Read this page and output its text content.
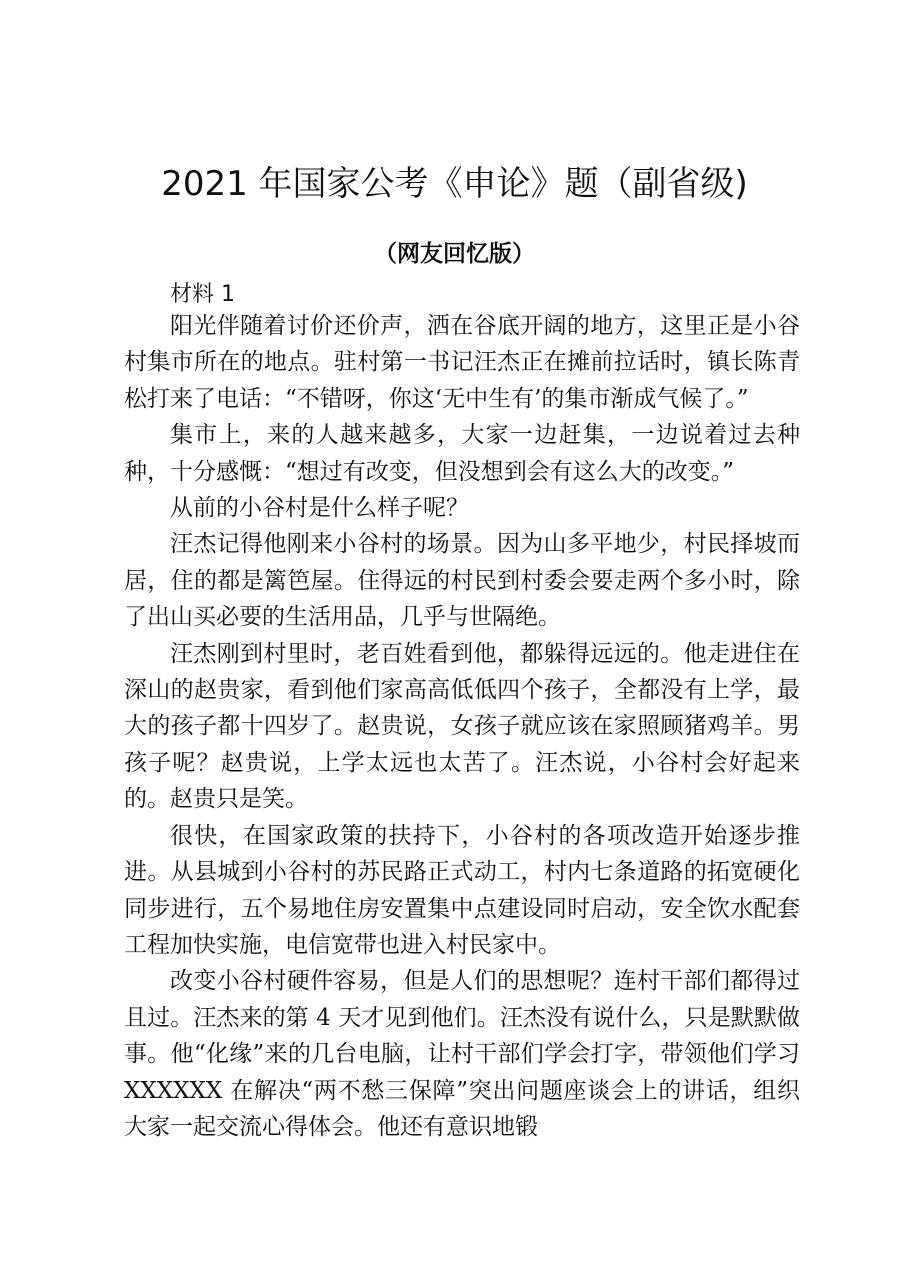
2021 年国家公考《申论》题（副省级)
（网友回忆版）
材料 1

阳光伴随着讨价还价声，洒在谷底开阔的地方，这里正是小谷村集市所在的地点。驻村第一书记汪杰正在摊前拉话时，镇长陈青松打来了电话：“不错呀，你这‘无中生有’的集市渐成气候了。”

集市上，来的人越来越多，大家一边赶集，一边说着过去种种，十分感慨：“想过有改变，但没想到会有这么大的改变。”

从前的小谷村是什么样子呢？

汪杰记得他刚来小谷村的场景。因为山多平地少，村民择坡而居，住的都是篱笆屋。住得远的村民到村委会要走两个多小时，除了出山买必要的生活用品，几乎与世隔绝。

汪杰刚到村里时，老百姓看到他，都躲得远远的。他走进住在深山的赵贵家，看到他们家高高低低四个孩子，全都没有上学，最大的孩子都十四岁了。赵贵说，女孩子就应该在家照顾猪鸡羊。男孩子呢？赵贵说，上学太远也太苦了。汪杰说，小谷村会好起来的。赵贵只是笑。

很快，在国家政策的扶持下，小谷村的各项改造开始逐步推进。从县城到小谷村的苏民路正式动工，村内七条道路的拓宽硬化同步进行，五个易地住房安置集中点建设同时启动，安全饮水配套工程加快实施，电信宽带也进入村民家中。

改变小谷村硬件容易，但是人们的思想呢？连村干部们都得过且过。汪杰来的第 4 天才见到他们。汪杰没有说什么，只是默默做事。他“化缘”来的几台电脑，让村干部们学会打字，带领他们学习 XXXXXX 在解决“两不愁三保障”突出问题座谈会上的讲话，组织大家一起交流心得体会。他还有意识地锻
